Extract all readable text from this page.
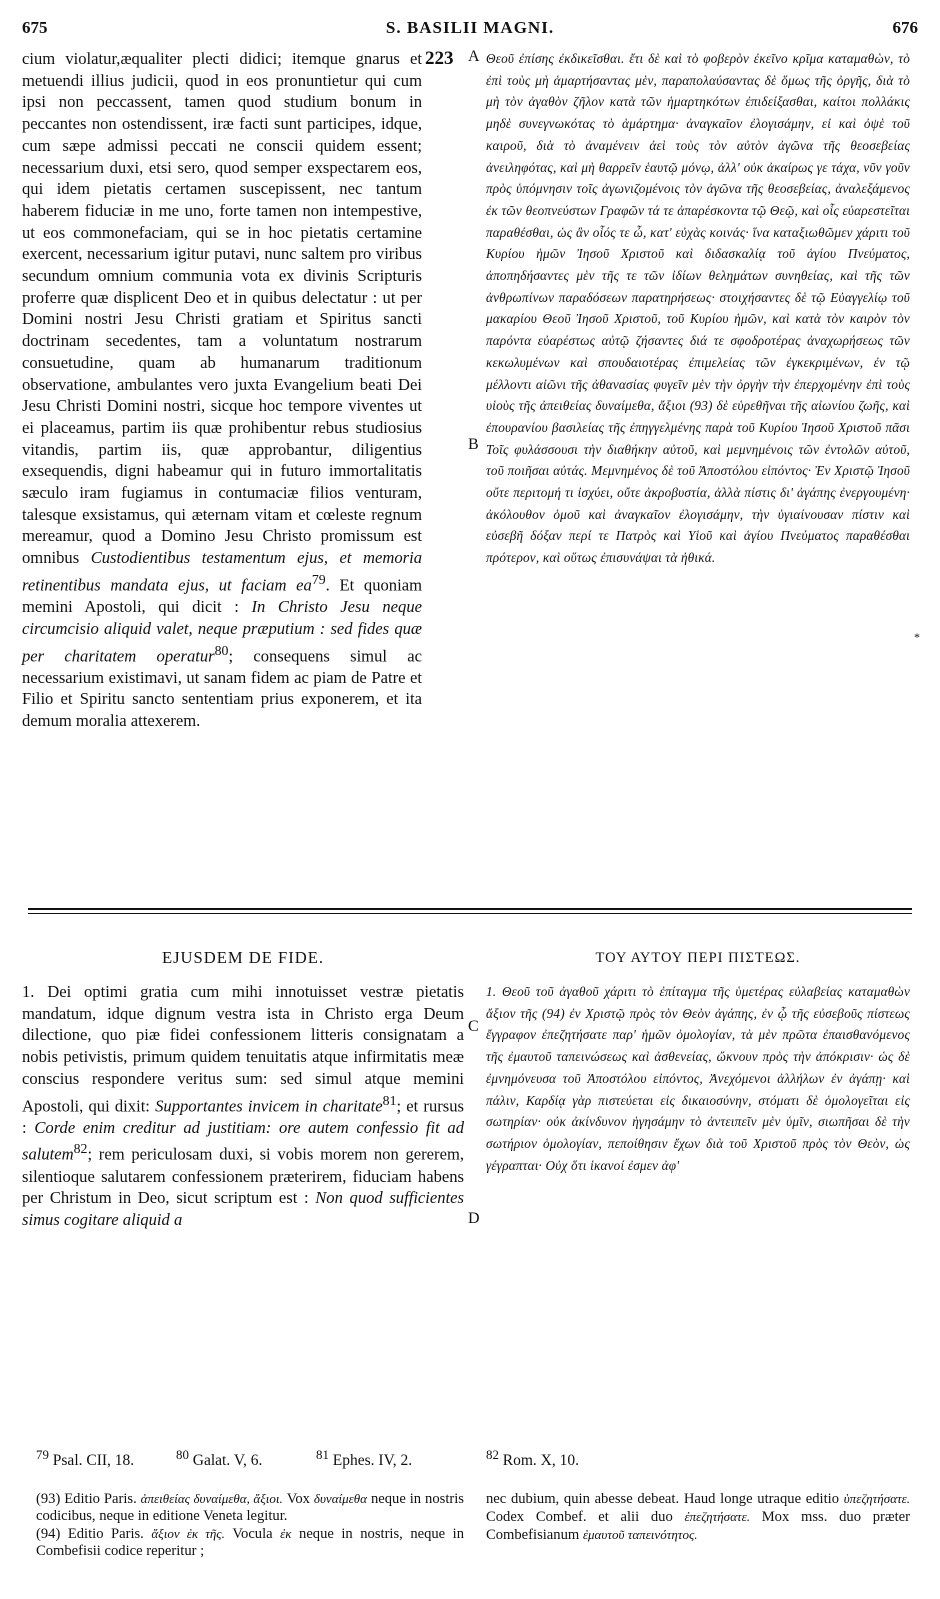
675	S. BASILII MAGNI.	676
223 A
B
C
D
*

cium violatur,æqualiter plecti didici; itemque gnarus et metuendi illius judicii, quod in eos pronuntietur qui cum ipsi non peccassent, tamen quod studium bonum in peccantes non ostendissent, iræ facti sunt participes, idque, cum sæpe admissi peccati ne conscii quidem essent; necessarium duxi, etsi sero, quod semper exspectarem eos, qui idem pietatis certamen suscepissent, nec tantum haberem fiduciæ in me uno, forte tamen non intempestive, ut eos commonefaciam, qui se in hoc pietatis certamine exercent, necessarium igitur putavi, nunc saltem pro viribus secundum omnium communia vota ex divinis Scripturis proferre quæ displicent Deo et in quibus delectatur : ut per Domini nostri Jesu Christi gratiam et Spiritus sancti doctrinam secedentes, tam a voluntatum nostrarum consuetudine, quam ab humanarum traditionum observatione, ambulantes vero juxta Evangelium beati Dei Jesu Christi Domini nostri, sicque hoc tempore viventes ut ei placeamus, partim iis quæ prohibentur rebus studiosius vitandis, partim iis, quæ approbantur, diligentius exsequendis, digni habeamur qui in futuro immortalitatis sæculo iram fugiamus in contumaciæ filios venturam, talesque exsistamus, qui æternam vitam et cœleste regnum mereamur, quod a Domino Jesu Christo promissum est omnibus Custodientibus testamentum ejus, et memoria retinentibus mandata ejus, ut faciam $ea^{79}$. Et quoniam memini Apostoli, qui dicit : In Christo Jesu neque circumcisio aliquid valet, neque præputium : sed fides quæ per charitatem operatur$^{80}$; consequens simul ac necessarium existimavi, ut sanam fidem ac piam de Patre et Filio et Spiritu sancto sententiam prius exponerem, et ita demum moralia attexerem.

Θεοῦ ἐπίσης ἐκδικεῖσθαι. ἔτι δὲ καὶ τὸ φοβερὸν ἐκεῖνο κρῖμα καταμαθὼν, τὸ ἐπὶ τοὺς μὴ ἁμαρτήσαντας μὲν, παραπολαύσαντας δὲ ὅμως τῆς ὀργῆς, διὰ τὸ μὴ τὸν ἀγαθὸν ζῆλον κατὰ τῶν ἡμαρτηκότων ἐπιδείξασθαι, καίτοι πολλάκις μηδὲ συνεγνωκότας τὸ ἁμάρτημα· ἀναγκαῖον ἐλογισάμην, εἰ καὶ ὀψὲ τοῦ καιροῦ, διὰ τὸ ἀναμένειν ἀεὶ τοὺς τὸν αὐτὸν ἀγῶνα τῆς θεοσεβείας ἀνειληφότας, καὶ μὴ θαρρεῖν ἑαυτῷ μόνῳ, ἀλλ' οὐκ ἀκαίρως γε τάχα, νῦν γοῦν πρὸς ὑπόμνησιν τοῖς ἀγωνιζομένοις τὸν ἀγῶνα τῆς θεοσεβείας, ἀναλεξάμενος ἐκ τῶν θεοπνεύστων Γραφῶν τά τε ἀπαρέσκοντα τῷ Θεῷ, καὶ οἷς εὐαρεστεῖται παραθέσθαι, ὡς ἂν οἷός τε ὦ, κατ' εὐχὰς κοινάς· ἵνα καταξιωθῶμεν χάριτι τοῦ Κυρίου ἡμῶν Ἰησοῦ Χριστοῦ καὶ διδασκαλίᾳ τοῦ ἁγίου Πνεύματος, ἀποπηδήσαντες μὲν τῆς τε τῶν ἰδίων θελημάτων συνηθείας, καὶ τῆς τῶν ἀνθρωπίνων παραδόσεων παρατηρήσεως· στοιχήσαντες δὲ τῷ Εὐαγγελίῳ τοῦ μακαρίου Θεοῦ Ἰησοῦ Χριστοῦ, τοῦ Κυρίου ἡμῶν, καὶ κατὰ τὸν καιρὸν τὸν παρόντα εὐαρέστως αὐτῷ ζήσαντες διά τε σφοδροτέρας ἀναχωρήσεως τῶν κεκωλυμένων καὶ σπουδαιοτέρας ἐπιμελείας τῶν ἐγκεκριμένων, ἐν τῷ μέλλοντι αἰῶνι τῆς ἀθανασίας φυγεῖν μὲν τὴν ὀργὴν τὴν ἐπερχομένην ἐπὶ τοὺς υἱοὺς τῆς ἀπειθείας δυναίμεθα, ἄξιοι (93) δὲ εὑρεθῆναι τῆς αἰωνίου ζωῆς, καὶ ἐπουρανίου βασιλείας τῆς ἐπηγγελμένης παρὰ τοῦ Κυρίου Ἰησοῦ Χριστοῦ πᾶσι Τοῖς φυλάσσουσι τὴν διαθήκην αὐτοῦ, καὶ μεμνημένοις τῶν ἐντολῶν αὐτοῦ, τοῦ ποιῆσαι αὐτάς. Μεμνημένος δὲ τοῦ Ἀποστόλου εἰπόντος· Ἐν Χριστῷ Ἰησοῦ οὔτε περιτομή τι ἰσχύει, οὔτε ἀκροβυστία, ἀλλὰ πίστις δι' ἀγάπης ἐνεργουμένη· ἀκόλουθον ὁμοῦ καὶ ἀναγκαῖον ἐλογισάμην, τὴν ὑγιαίνουσαν πίστιν καὶ εὐσεβῆ δόξαν περί τε Πατρὸς καὶ Υἱοῦ καὶ ἁγίου Πνεύματος παραθέσθαι πρότερον, καὶ οὕτως ἐπισυνάψαι τὰ ἠθικά.

EJUSDEM DE FIDE.	ΤΟΥ ΑΥΤΟΥ ΠΕΡΙ ΠΙΣΤΕΩΣ.

1. Dei optimi gratia cum mihi innotuisset vestræ pietatis mandatum, idque dignum vestra ista in Christo erga Deum dilectione, quo piæ fidei confessionem litteris consignatam a nobis petivistis, primum quidem tenuitatis atque infirmitatis meæ conscius respondere veritus sum: sed simul atque memini Apostoli, qui dixit: Supportantes invicem in charitate$^{81}$; et rursus : Corde enim creditur ad justitiam: ore autem confessio fit ad salutem$^{82}$; rem periculosam duxi, si vobis morem non gererem, silentioque salutarem confessionem præterirem, fiduciam habens per Christum in Deo, sicut scriptum est : Non quod sufficientes simus cogitare aliquid a

1. Θεοῦ τοῦ ἀγαθοῦ χάριτι τὸ ἐπίταγμα τῆς ὑμετέρας εὐλαβείας καταμαθὼν ἄξιον τῆς (94) ἐν Χριστῷ πρὸς τὸν Θεὸν ἀγάπης, ἐν ᾧ τῆς εὐσεβοῦς πίστεως ἔγγραφον ἐπεζητήσατε παρ' ἡμῶν ὁμολογίαν, τὰ μὲν πρῶτα ἐπαισθανόμενος τῆς ἐμαυτοῦ ταπεινώσεως καὶ ἀσθενείας, ὤκνουν πρὸς τὴν ἀπόκρισιν· ὡς δὲ ἐμνημόνευσα τοῦ Ἀποστόλου εἰπόντος, Ἀνεχόμενοι ἀλλήλων ἐν ἀγάπῃ· καὶ πάλιν, Καρδίᾳ γὰρ πιστεύεται εἰς δικαιοσύνην, στόματι δὲ ὁμολογεῖται εἰς σωτηρίαν· οὐκ ἀκίνδυνον ἡγησάμην τὸ ἀντειπεῖν μὲν ὑμῖν, σιωπῆσαι δὲ τὴν σωτήριον ὁμολογίαν, πεποίθησιν ἔχων διὰ τοῦ Χριστοῦ πρὸς τὸν Θεὸν, ὡς γέγραπται· Οὐχ ὅτι ἱκανοί ἐσμεν ἀφ'

$^{79}$ Psal. CII, 18.	$^{80}$ Galat. V, 6.	$^{81}$ Ephes. IV, 2.	$^{82}$ Rom. X, 10.

(93) Editio Paris. ἀπειθείας δυναίμεθα, ἄξιοι. Vox δυναίμεθα neque in nostris codicibus, neque in editione Veneta legitur.

(94) Editio Paris. ἄξιον ἐκ τῆς. Vocula ἐκ neque in nostris, neque in Combefisii codice reperitur ;

nec dubium, quin abesse debeat. Haud longe utraque editio ὑπεζητήσατε. Codex Combef. et alii duo ἐπεζητήσατε. Mox mss. duo præter Combefisianum ἐμαυτοῦ ταπεινότητος.
